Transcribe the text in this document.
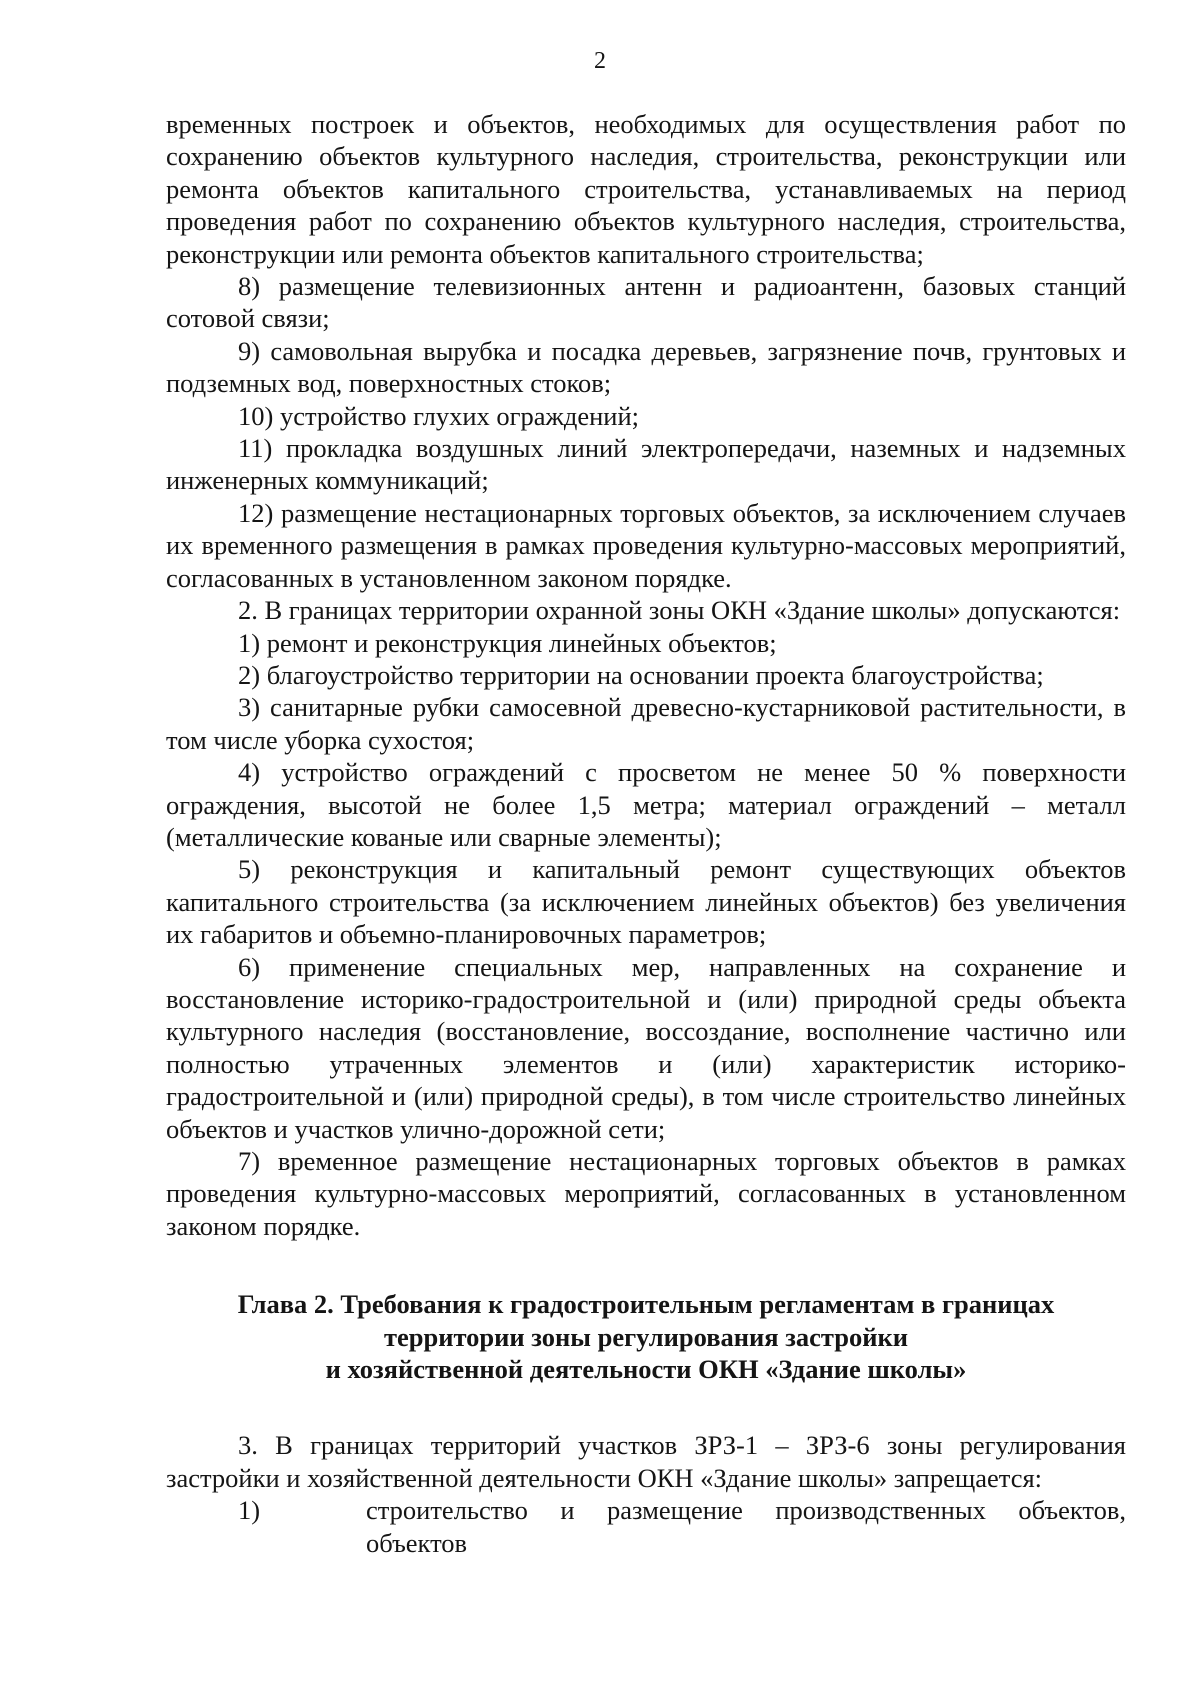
2

временных построек и объектов, необходимых для осуществления работ по сохранению объектов культурного наследия, строительства, реконструкции или ремонта объектов капитального строительства, устанавливаемых на период проведения работ по сохранению объектов культурного наследия, строительства, реконструкции или ремонта объектов капитального строительства;

8) размещение телевизионных антенн и радиоантенн, базовых станций сотовой связи;

9) самовольная вырубка и посадка деревьев, загрязнение почв, грунтовых и подземных вод, поверхностных стоков;

10) устройство глухих ограждений;

11) прокладка воздушных линий электропередачи, наземных и надземных инженерных коммуникаций;

12) размещение нестационарных торговых объектов, за исключением случаев их временного размещения в рамках проведения культурно-массовых мероприятий, согласованных в установленном законом порядке.

2. В границах территории охранной зоны ОКН «Здание школы» допускаются:

1) ремонт и реконструкция линейных объектов;

2) благоустройство территории на основании проекта благоустройства;

3) санитарные рубки самосевной древесно-кустарниковой растительности, в том числе уборка сухостоя;

4) устройство ограждений с просветом не менее 50 % поверхности ограждения, высотой не более 1,5 метра; материал ограждений – металл (металлические кованые или сварные элементы);

5) реконструкция и капитальный ремонт существующих объектов капитального строительства (за исключением линейных объектов) без увеличения их габаритов и объемно-планировочных параметров;

6) применение специальных мер, направленных на сохранение и восстановление историко-градостроительной и (или) природной среды объекта культурного наследия (восстановление, воссоздание, восполнение частично или полностью утраченных элементов и (или) характеристик историко-градостроительной и (или) природной среды), в том числе строительство линейных объектов и участков улично-дорожной сети;

7) временное размещение нестационарных торговых объектов в рамках проведения культурно-массовых мероприятий, согласованных в установленном законом порядке.

Глава 2. Требования к градостроительным регламентам в границах
территории зоны регулирования застройки
и хозяйственной деятельности ОКН «Здание школы»

3. В границах территорий участков ЗРЗ-1 – ЗРЗ-6 зоны регулирования застройки и хозяйственной деятельности ОКН «Здание школы» запрещается:

1)	строительство и размещение производственных объектов, объектов
